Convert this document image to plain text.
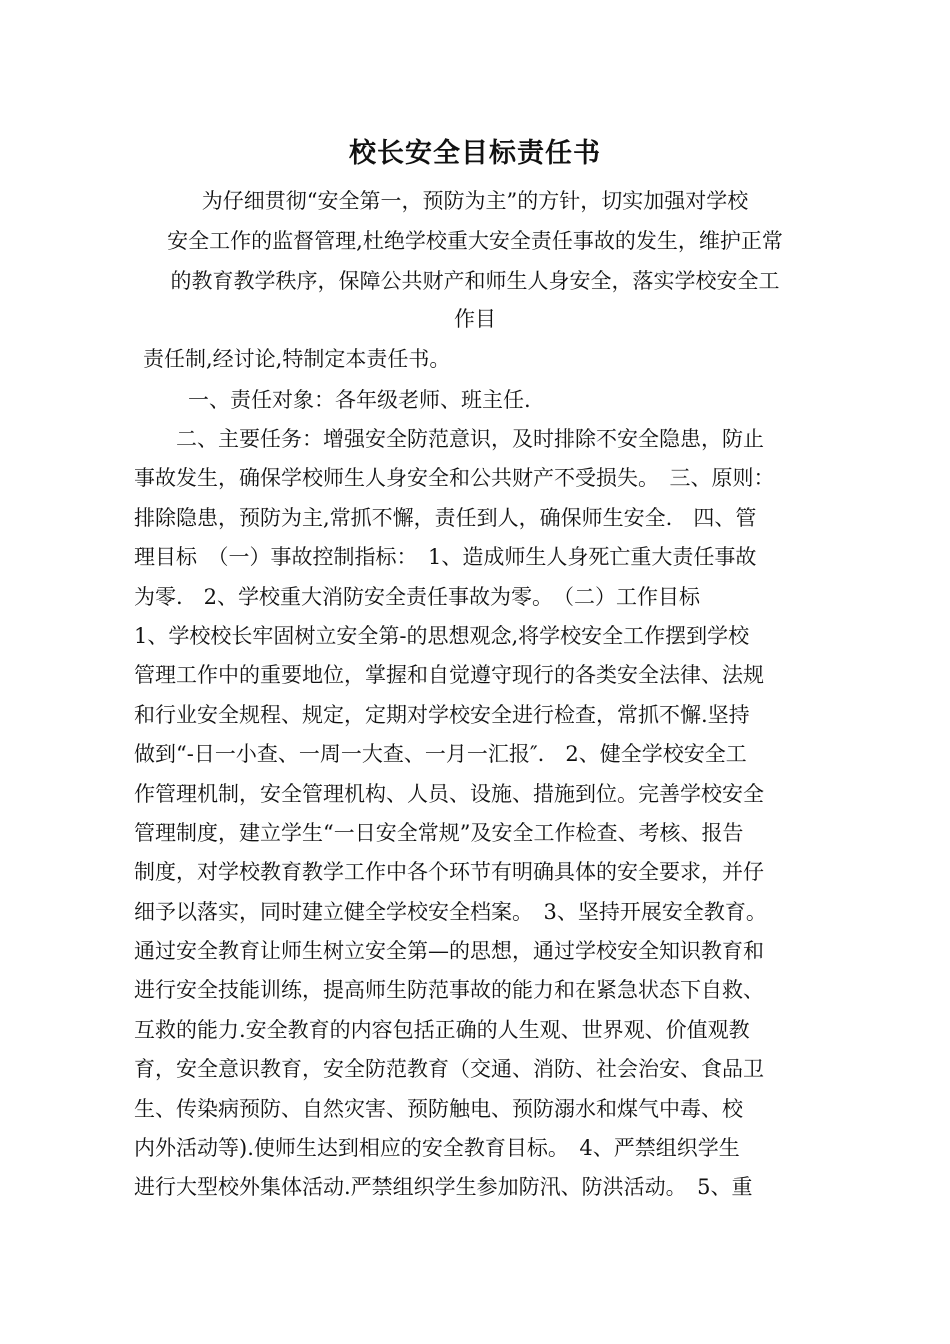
校长安全目标责任书
为仔细贯彻“安全第一，预防为主”的方针，切实加强对学校
安全工作的监督管理,杜绝学校重大安全责任事故的发生，维护正常
的教育教学秩序，保障公共财产和师生人身安全，落实学校安全工
作目
责任制,经讨论,特制定本责任书。
一、责任对象：各年级老师、班主任.
二、主要任务：增强安全防范意识，及时排除不安全隐患，防止
事故发生，确保学校师生人身安全和公共财产不受损失。　三、原则：
排除隐患，预防为主,常抓不懈，责任到人，确保师生安全.　四、管
理目标　（一）事故控制指标：　1、造成师生人身死亡重大责任事故
为零.　2、学校重大消防安全责任事故为零。　（二）工作目标
1、学校校长牢固树立安全第-的思想观念,将学校安全工作摆到学校
管理工作中的重要地位，掌握和自觉遵守现行的各类安全法律、法规
和行业安全规程、规定，定期对学校安全进行检查，常抓不懈.坚持
做到“-日一小查、一周一大查、一月一汇报″.　2、健全学校安全工
作管理机制，安全管理机构、人员、设施、措施到位。完善学校安全
管理制度，建立学生“一日安全常规”及安全工作检查、考核、报告
制度，对学校教育教学工作中各个环节有明确具体的安全要求，并仔
细予以落实，同时建立健全学校安全档案。　3、坚持开展安全教育。
通过安全教育让师生树立安全第—的思想，通过学校安全知识教育和
进行安全技能训练，提高师生防范事故的能力和在紧急状态下自救、
互救的能力.安全教育的内容包括正确的人生观、世界观、价值观教
育，安全意识教育，安全防范教育（交通、消防、社会治安、食品卫
生、传染病预防、自然灾害、预防触电、预防溺水和煤气中毒、校
内外活动等).使师生达到相应的安全教育目标。　4、严禁组织学生
进行大型校外集体活动.严禁组织学生参加防汛、防洪活动。　5、重
